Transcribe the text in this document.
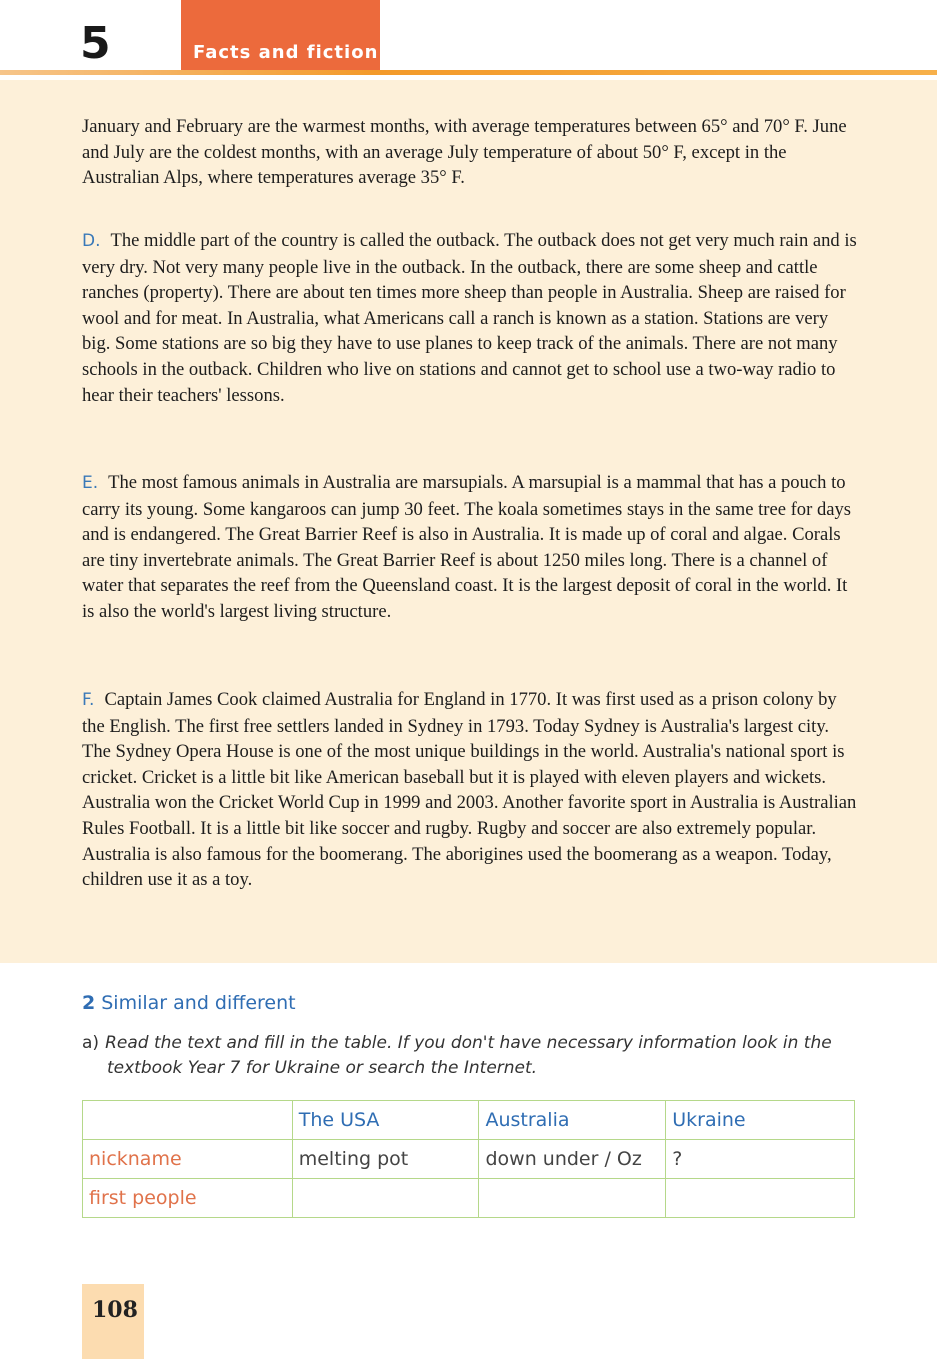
5	Facts and fiction

January and February are the warmest months, with average temperatures between 65° and 70° F. June and July are the coldest months, with an average July temperature of about 50° F, except in the Australian Alps, where temperatures average 35° F.

D. The middle part of the country is called the outback. The outback does not get very much rain and is very dry. Not very many people live in the outback. In the outback, there are some sheep and cattle ranches (property). There are about ten times more sheep than people in Australia. Sheep are raised for wool and for meat. In Australia, what Americans call a ranch is known as a station. Stations are very big. Some stations are so big they have to use planes to keep track of the animals. There are not many schools in the outback. Children who live on stations and cannot get to school use a two-way radio to hear their teachers' lessons.

E. The most famous animals in Australia are marsupials. A marsupial is a mammal that has a pouch to carry its young. Some kangaroos can jump 30 feet. The koala sometimes stays in the same tree for days and is endangered. The Great Barrier Reef is also in Australia. It is made up of coral and algae. Corals are tiny invertebrate animals. The Great Barrier Reef is about 1250 miles long. There is a channel of water that separates the reef from the Queensland coast. It is the largest deposit of coral in the world. It is also the world's largest living structure.

F. Captain James Cook claimed Australia for England in 1770. It was first used as a prison colony by the English. The first free settlers landed in Sydney in 1793. Today Sydney is Australia's largest city. The Sydney Opera House is one of the most unique buildings in the world. Australia's national sport is cricket. Cricket is a little bit like American baseball but it is played with eleven players and wickets. Australia won the Cricket World Cup in 1999 and 2003. Another favorite sport in Australia is Australian Rules Football. It is a little bit like soccer and rugby. Rugby and soccer are also extremely popular. Australia is also famous for the boomerang. The aborigines used the boomerang as a weapon. Today, children use it as a toy.

2 Similar and different

a) Read the text and fill in the table. If you don't have necessary information look in the
textbook Year 7 for Ukraine or search the Internet.

	The USA	Australia	Ukraine
nickname	melting pot	down under / Oz	?
first people			
108
